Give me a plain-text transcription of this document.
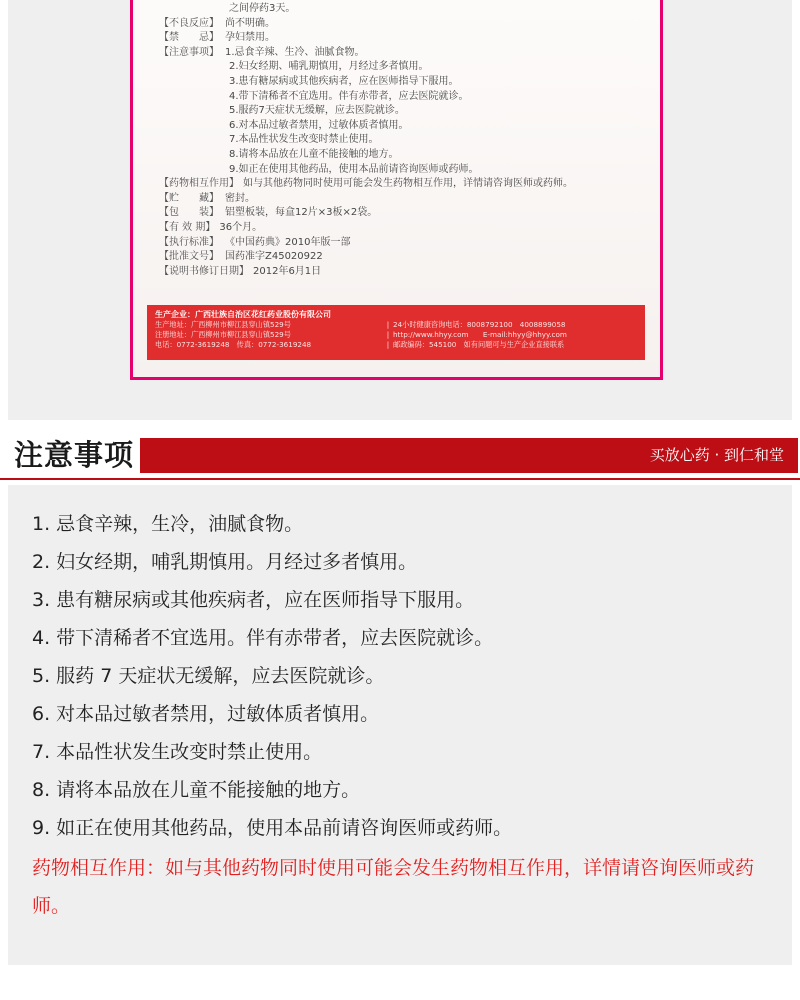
之间停药3天。
【不良反应】 尚不明确。
【禁　　忌】 孕妇禁用。
【注意事项】 1.忌食辛辣、生冷、油腻食物。
2.妇女经期、哺乳期慎用，月经过多者慎用。
3.患有糖尿病或其他疾病者，应在医师指导下服用。
4.带下清稀者不宜选用。伴有赤带者，应去医院就诊。
5.服药7天症状无缓解，应去医院就诊。
6.对本品过敏者禁用，过敏体质者慎用。
7.本品性状发生改变时禁止使用。
8.请将本品放在儿童不能接触的地方。
9.如正在使用其他药品，使用本品前请咨询医师或药师。
【药物相互作用】 如与其他药物同时使用可能会发生药物相互作用，详情请咨询医师或药师。
【贮　　藏】 密封。
【包　　装】 铝塑板装，每盒12片×3板×2袋。
【有 效 期】 36个月。
【执行标准】 《中国药典》2010年版一部
【批准文号】 国药准字Z45020922
【说明书修订日期】 2012年6月1日
生产企业：广西壮族自治区花红药业股份有限公司
生产地址：广西柳州市柳江县穿山镇529号	| 24小时健康咨询电话：8008792100　4008899058
注册地址：广西柳州市柳江县穿山镇529号	| http://www.hhyy.com　　E-mail:hhyy@hhyy.com
电话：0772-3619248　传真：0772-3619248	| 邮政编码：545100　如有问题可与生产企业直接联系
买放心药 · 到仁和堂
注意事项
1. 忌食辛辣，生冷，油腻食物。
2. 妇女经期，哺乳期慎用。月经过多者慎用。
3. 患有糖尿病或其他疾病者，应在医师指导下服用。
4. 带下清稀者不宜选用。伴有赤带者，应去医院就诊。
5. 服药 7 天症状无缓解，应去医院就诊。
6. 对本品过敏者禁用，过敏体质者慎用。
7. 本品性状发生改变时禁止使用。
8. 请将本品放在儿童不能接触的地方。
9. 如正在使用其他药品，使用本品前请咨询医师或药师。
药物相互作用：如与其他药物同时使用可能会发生药物相互作用，详情请咨询医师或药师。
